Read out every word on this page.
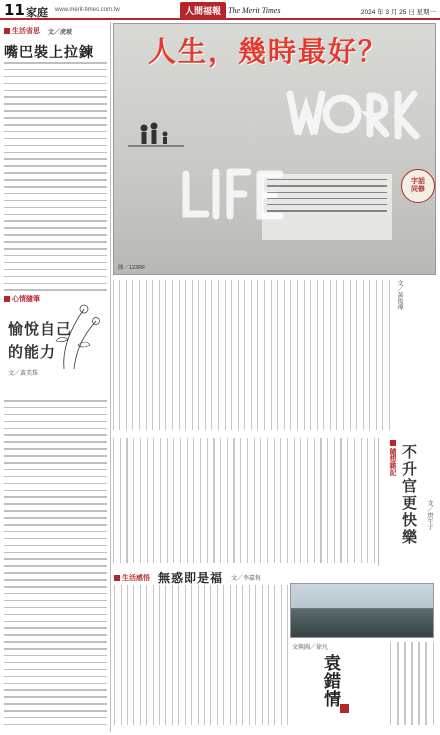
11 家庭 www.merit-times.com.tw	人間福報 The Merit Times	2024 年 3 月 25 日 星期一
生活省思 文／虎坡
嘴巴裝上拉鍊
心情隨筆
愉悅自己
的能力
文／黃美珠
人生，幾時最好？
字話
同修
圖／123RF
文／黃俊瑋
隨想雜記 不升官更快樂	文／庚午子
生活感悟 無惑即是福 文／李嘉恆
文與圖／徐凡
袁錯情
